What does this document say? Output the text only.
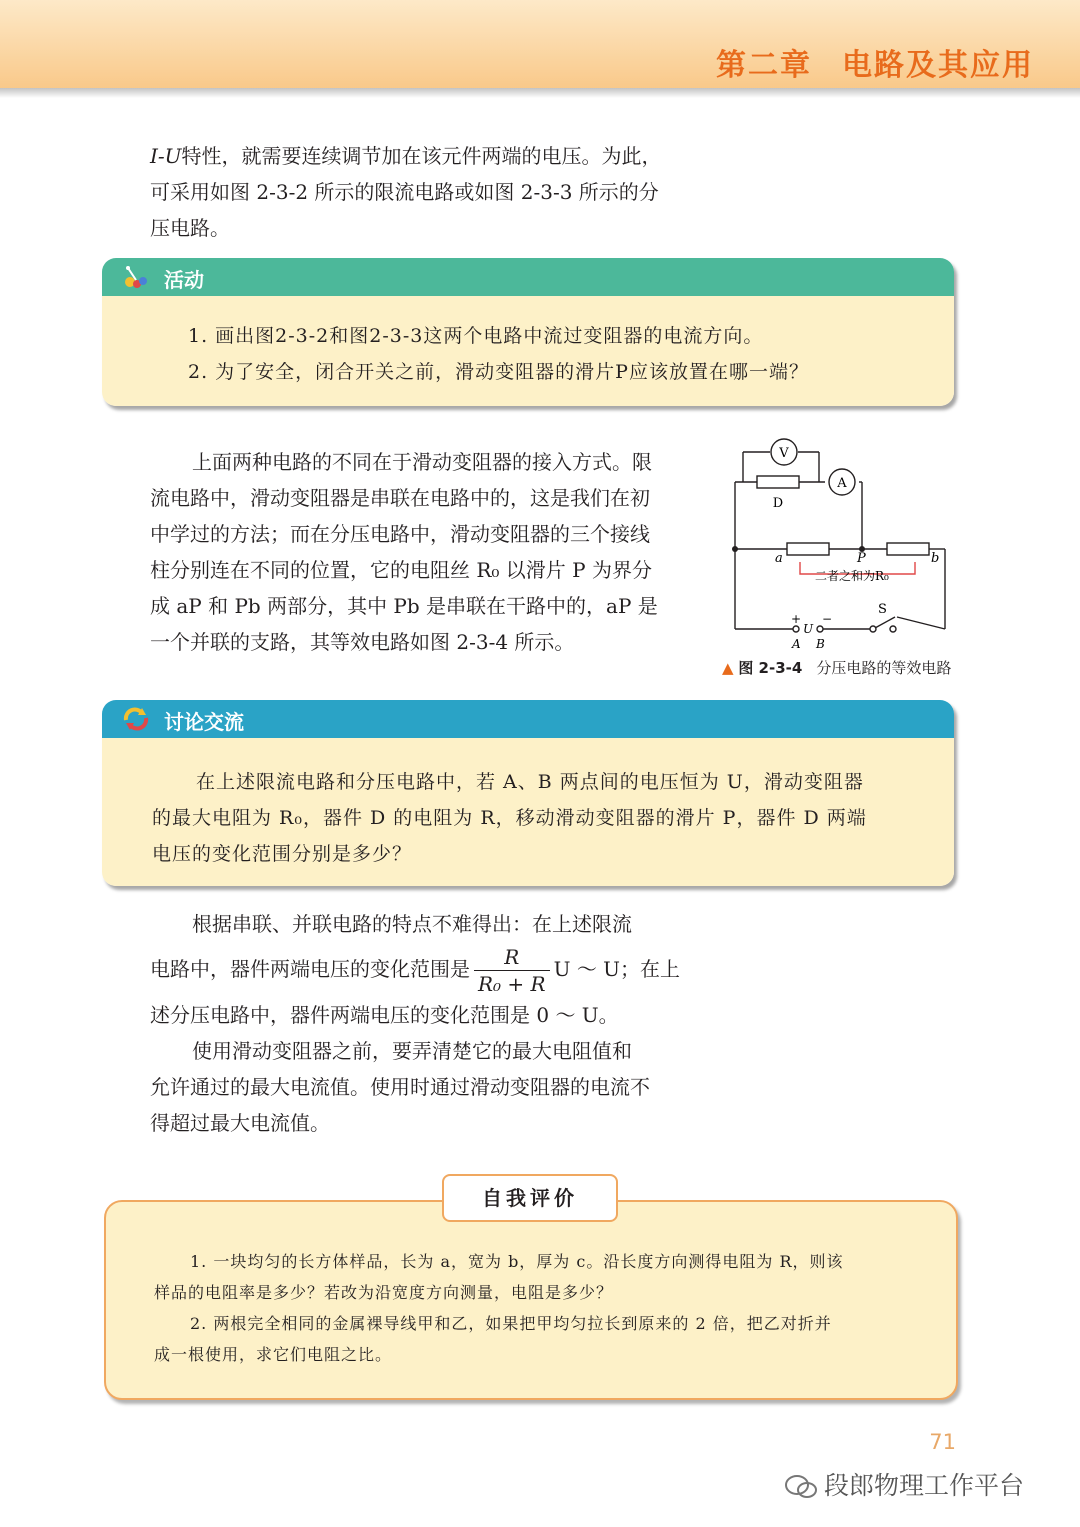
第二章 电路及其应用

I-U特性，就需要连续调节加在该元件两端的电压。为此，
可采用如图 2-3-2 所示的限流电路或如图 2-3-3 所示的分
压电路。

活动

1. 画出图2-3-2和图2-3-3这两个电路中流过变阻器的电流方向。

2. 为了安全，闭合开关之前，滑动变阻器的滑片P应该放置在哪一端？

上面两种电路的不同在于滑动变阻器的接入方式。限
流电路中，滑动变阻器是串联在电路中的，这是我们在初
中学过的方法；而在分压电路中，滑动变阻器的三个接线
柱分别连在不同的位置，它的电阻丝 R₀ 以滑片 P 为界分
成 aP 和 Pb 两部分，其中 Pb 是串联在干路中的，aP 是
一个并联的支路，其等效电路如图 2-3-4 所示。
V
A
D
a	P	b
二者之和为R₀
S
+ −
U
A B
▲ 图 2-3-4 分压电路的等效电路
讨论交流

在上述限流电路和分压电路中，若 A、B 两点间的电压恒为 U，滑动变阻器

的最大电阻为 R₀，器件 D 的电阻为 R，移动滑动变阻器的滑片 P，器件 D 两端

电压的变化范围分别是多少？

根据串联、并联电路的特点不难得出：在上述限流
电路中，器件两端电压的变化范围是 $\frac{R}{\text{R₀ + R}}$ U ～ U；在上
述分压电路中，器件两端电压的变化范围是 0 ～ U。
使用滑动变阻器之前，要弄清楚它的最大电阻值和
允许通过的最大电流值。使用时通过滑动变阻器的电流不
得超过最大电流值。

1. 一块均匀的长方体样品，长为 a，宽为 b，厚为 c。沿长度方向测得电阻为 R，则该

样品的电阻率是多少？若改为沿宽度方向测量，电阻是多少？

2. 两根完全相同的金属裸导线甲和乙，如果把甲均匀拉长到原来的 2 倍，把乙对折并

成一根使用，求它们电阻之比。

自我评价
71
段郎物理工作平台
